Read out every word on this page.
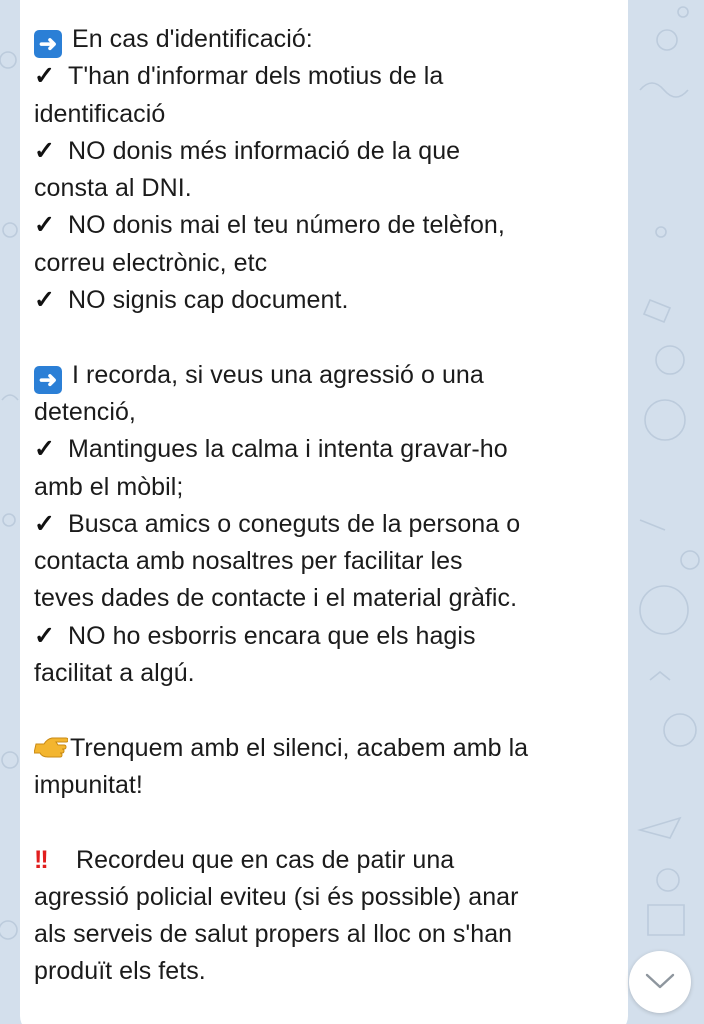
➜ En cas d'identificació:
✓ T'han d'informar dels motius de la
identificació
✓ NO donis més informació de la que
consta al DNI.
✓ NO donis mai el teu número de telèfon,
correu electrònic, etc
✓ NO signis cap document.
➜ I recorda, si veus una agressió o una
detenció,
✓ Mantingues la calma i intenta gravar-ho
amb el mòbil;
✓ Busca amics o coneguts de la persona o
contacta amb nosaltres per facilitar les
teves dades de contacte i el material gràfic.
✓ NO ho esborris encara que els hagis
facilitat a algú.
Trenquem amb el silenci, acabem amb la
impunitat!
!! Recordeu que en cas de patir una
agressió policial eviteu (si és possible) anar
als serveis de salut propers al lloc on s'han
produït els fets.
